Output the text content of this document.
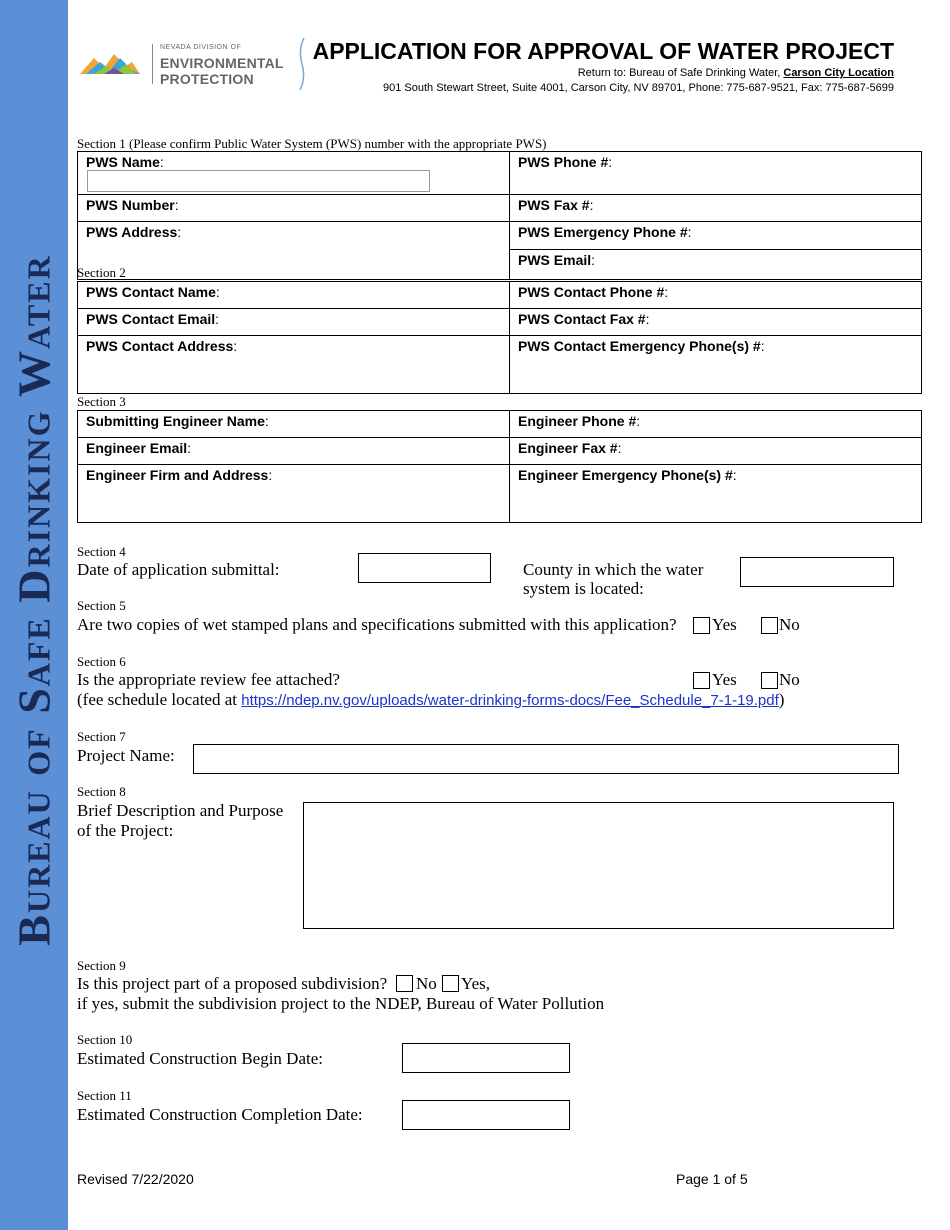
Bureau of Safe Drinking Water
NEVADA DIVISION OF
ENVIRONMENTAL
PROTECTION
APPLICATION FOR APPROVAL OF WATER PROJECT
Return to: Bureau of Safe Drinking Water, Carson City Location
901 South Stewart Street, Suite 4001, Carson City, NV 89701, Phone: 775-687-9521, Fax: 775-687-5699
Section 1 (Please confirm Public Water System (PWS) number with the appropriate PWS)
PWS Name:	PWS Phone #:
PWS Number:	PWS Fax #:
PWS Address:	PWS Emergency Phone #:
	PWS Email:
Section 2
PWS Contact Name:	PWS Contact Phone #:
PWS Contact Email:	PWS Contact Fax #:
PWS Contact Address:	PWS Contact Emergency Phone(s) #:
Section 3
Submitting Engineer Name:	Engineer Phone #:
Engineer Email:	Engineer Fax #:
Engineer Firm and Address:	Engineer Emergency Phone(s) #:
Section 4
Date of application submittal:	County in which the water
system is located:
Section 5
Are two copies of wet stamped plans and specifications submitted with this application? Yes No
Section 6
Is the appropriate review fee attached?	Yes No
(fee schedule located at https://ndep.nv.gov/uploads/water-drinking-forms-docs/Fee_Schedule_7-1-19.pdf)
Section 7
Project Name:
Section 8
Brief Description and Purpose
of the Project:
Section 9
Is this project part of a proposed subdivision? No Yes,
if yes, submit the subdivision project to the NDEP, Bureau of Water Pollution
Section 10
Estimated Construction Begin Date:
Section 11
Estimated Construction Completion Date:
Revised 7/22/2020	Page 1 of 5
